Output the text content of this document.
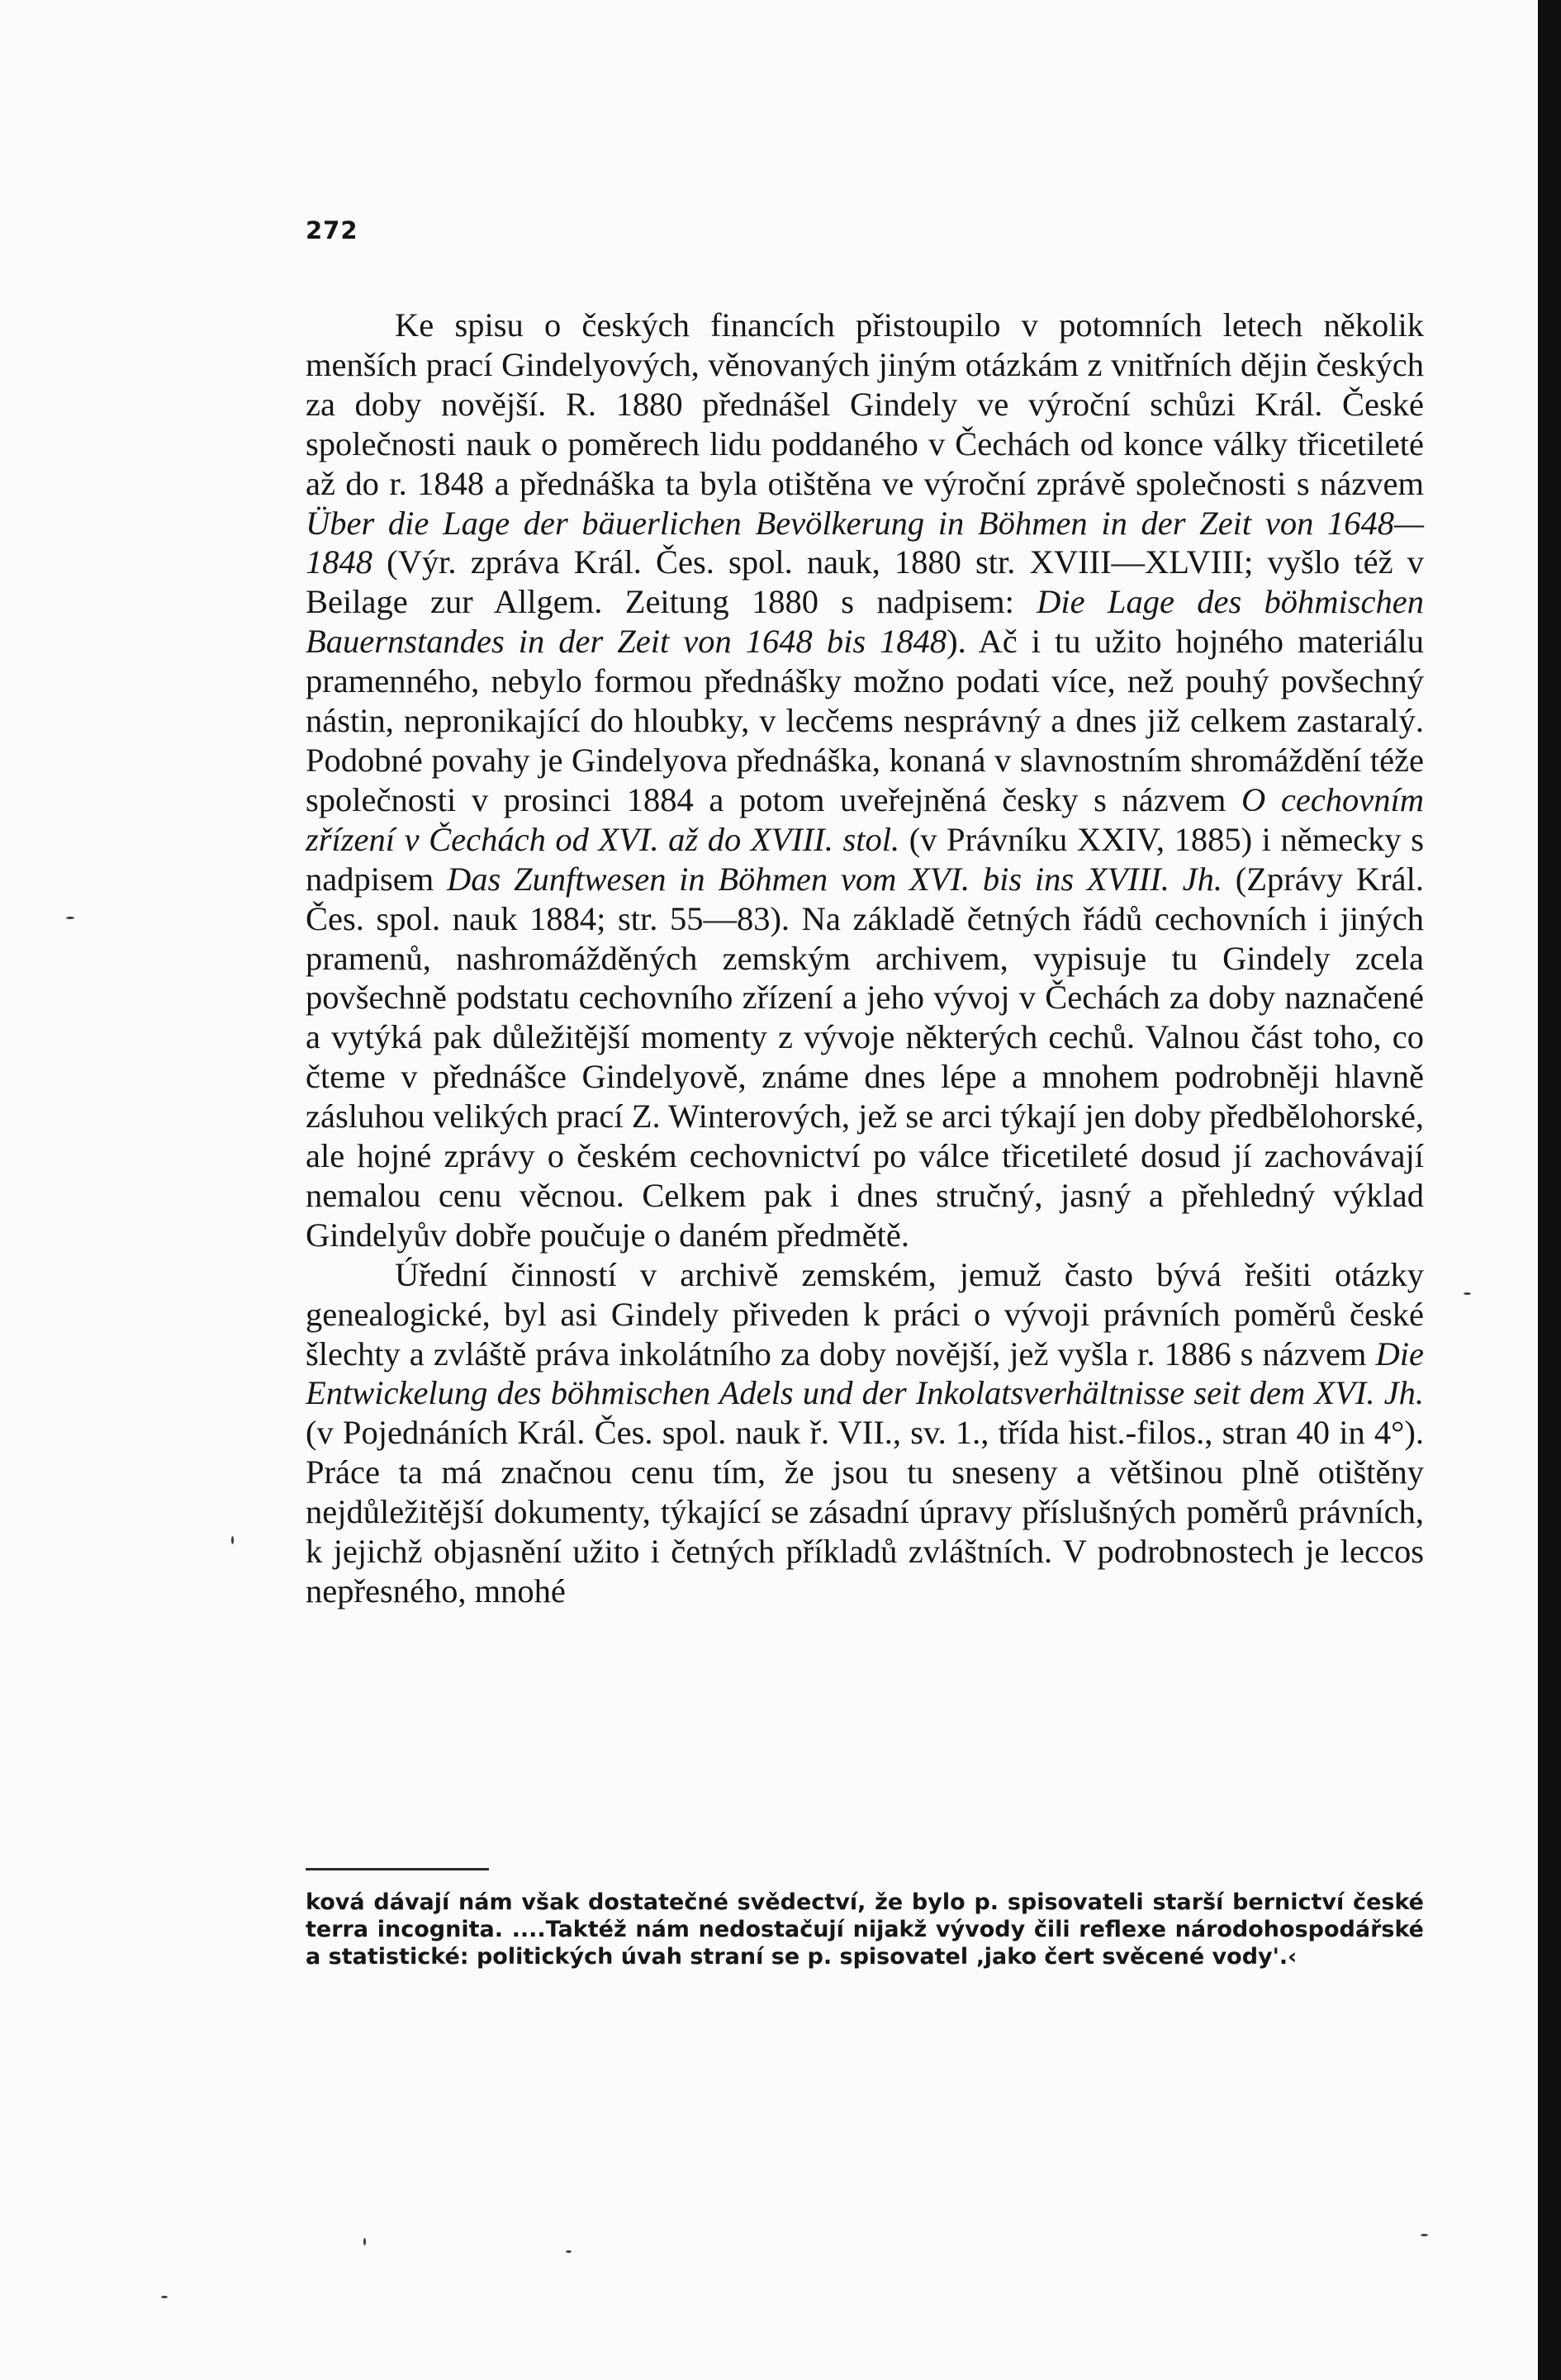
272

Ke spisu o českých financích přistoupilo v potomních letech několik menších prací Gindelyových, věnovaných jiným otázkám z vnitřních dějin českých za doby novější. R. 1880 přednášel Gindely ve výroční schůzi Král. České společnosti nauk o poměrech lidu poddaného v Čechách od konce války třicetileté až do r. 1848 a přednáška ta byla otištěna ve výroční zprávě společnosti s názvem Über die Lage der bäuerlichen Bevölkerung in Böhmen in der Zeit von 1648—1848 (Výr. zpráva Král. Čes. spol. nauk, 1880 str. XVIII—XLVIII; vyšlo též v Beilage zur Allgem. Zeitung 1880 s nadpisem: Die Lage des böhmischen Bauernstandes in der Zeit von 1648 bis 1848). Ač i tu užito hojného materiálu pramenného, nebylo formou přednášky možno podati více, než pouhý povšechný nástin, nepronikající do hloubky, v lecčems nesprávný a dnes již celkem zastaralý. Podobné povahy je Gindelyova přednáška, konaná v slavnostním shromáždění téže společnosti v prosinci 1884 a potom uveřejněná česky s názvem O cechovním zřízení v Čechách od XVI. až do XVIII. stol. (v Právníku XXIV, 1885) i německy s nadpisem Das Zunftwesen in Böhmen vom XVI. bis ins XVIII. Jh. (Zprávy Král. Čes. spol. nauk 1884; str. 55—83). Na základě četných řádů cechovních i jiných pramenů, nashromážděných zemským archivem, vypisuje tu Gindely zcela povšechně podstatu cechovního zřízení a jeho vývoj v Čechách za doby naznačené a vytýká pak důležitější momenty z vývoje některých cechů. Valnou část toho, co čteme v přednášce Gindelyově, známe dnes lépe a mnohem podrobněji hlavně zásluhou velikých prací Z. Winterových, jež se arci týkají jen doby předbělohorské, ale hojné zprávy o českém cechovnictví po válce třicetileté dosud jí zachovávají nemalou cenu věcnou. Celkem pak i dnes stručný, jasný a přehledný výklad Gindelyův dobře poučuje o daném předmětě.

Úřední činností v archivě zemském, jemuž často bývá řešiti otázky genealogické, byl asi Gindely přiveden k práci o vývoji právních poměrů české šlechty a zvláště práva inkolátního za doby novější, jež vyšla r. 1886 s názvem Die Entwickelung des böhmischen Adels und der Inkolatsverhältnisse seit dem XVI. Jh. (v Pojednáních Král. Čes. spol. nauk ř. VII., sv. 1., třída hist.-filos., stran 40 in 4°). Práce ta má značnou cenu tím, že jsou tu sneseny a většinou plně otištěny nejdůležitější dokumenty, týkající se zásadní úpravy příslušných poměrů právních, k jejichž objasnění užito i četných příkladů zvláštních. V podrobnostech je leccos nepřesného, mnohé

ková dávají nám však dostatečné svědectví, že bylo p. spisovateli starší bernictví české terra incognita. ....Taktéž nám nedostačují nijakž vývody čili reflexe národohospodářské a statistické: politických úvah straní se p. spisovatel ‚jako čert svěcené vody'.‹
